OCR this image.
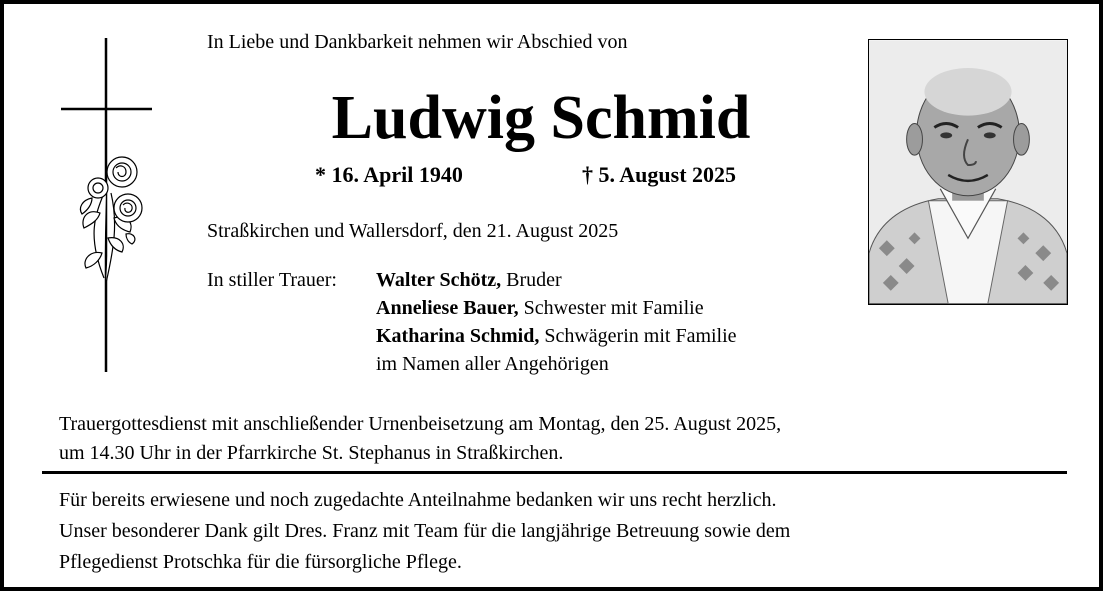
In Liebe und Dankbarkeit nehmen wir Abschied von
Ludwig Schmid
* 16. April 1940	† 5. August 2025
Straßkirchen und Wallersdorf, den 21. August 2025
In stiller Trauer: Walter Schötz, Bruder
Anneliese Bauer, Schwester mit Familie
Katharina Schmid, Schwägerin mit Familie
im Namen aller Angehörigen
Trauergottesdienst mit anschließender Urnenbeisetzung am Montag, den 25. August 2025,
um 14.30 Uhr in der Pfarrkirche St. Stephanus in Straßkirchen.
Für bereits erwiesene und noch zugedachte Anteilnahme bedanken wir uns recht herzlich.
Unser besonderer Dank gilt Dres. Franz mit Team für die langjährige Betreuung sowie dem
Pflegedienst Protschka für die fürsorgliche Pflege.
